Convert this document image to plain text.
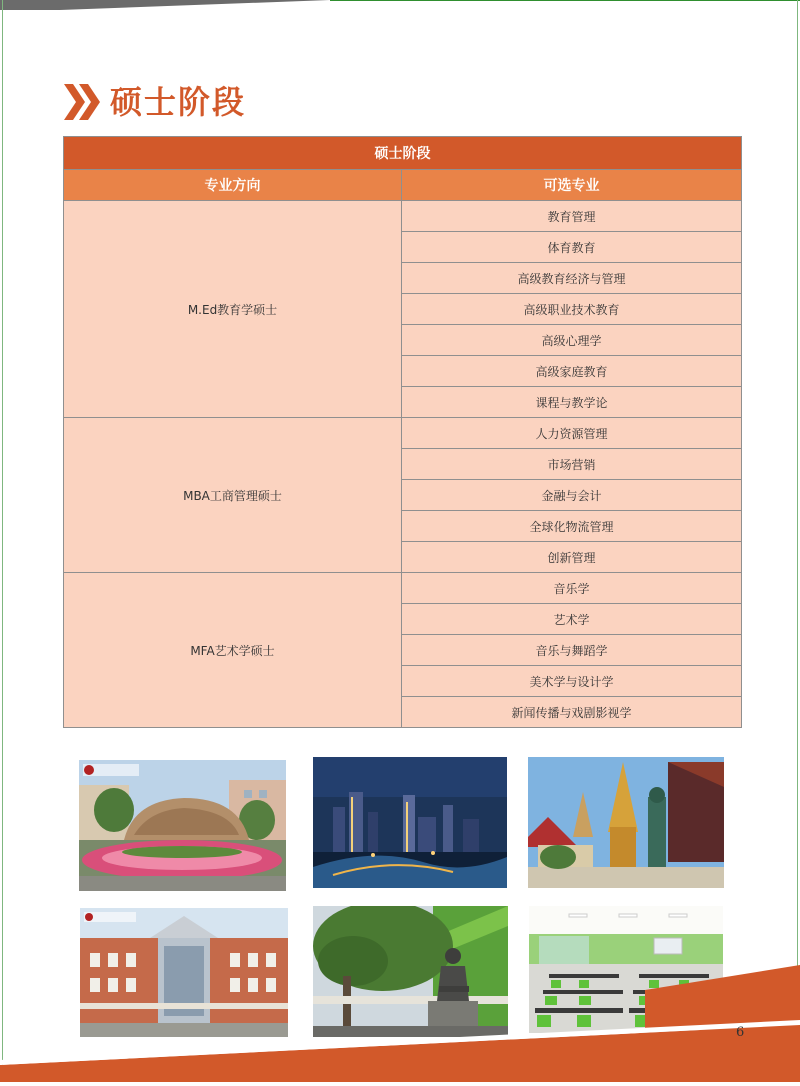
硕士阶段
硕士阶段	
专业方向	可选专业
M.Ed教育学硕士	教育管理
	体育教育
	高级教育经济与管理
	高级职业技术教育
	高级心理学
	高级家庭教育
	课程与教学论
MBA工商管理硕士	人力资源管理
	市场营销
	金融与会计
	全球化物流管理
	创新管理
MFA艺术学硕士	音乐学
	艺术学
	音乐与舞蹈学
	美术学与设计学
	新闻传播与戏剧影视学
6
